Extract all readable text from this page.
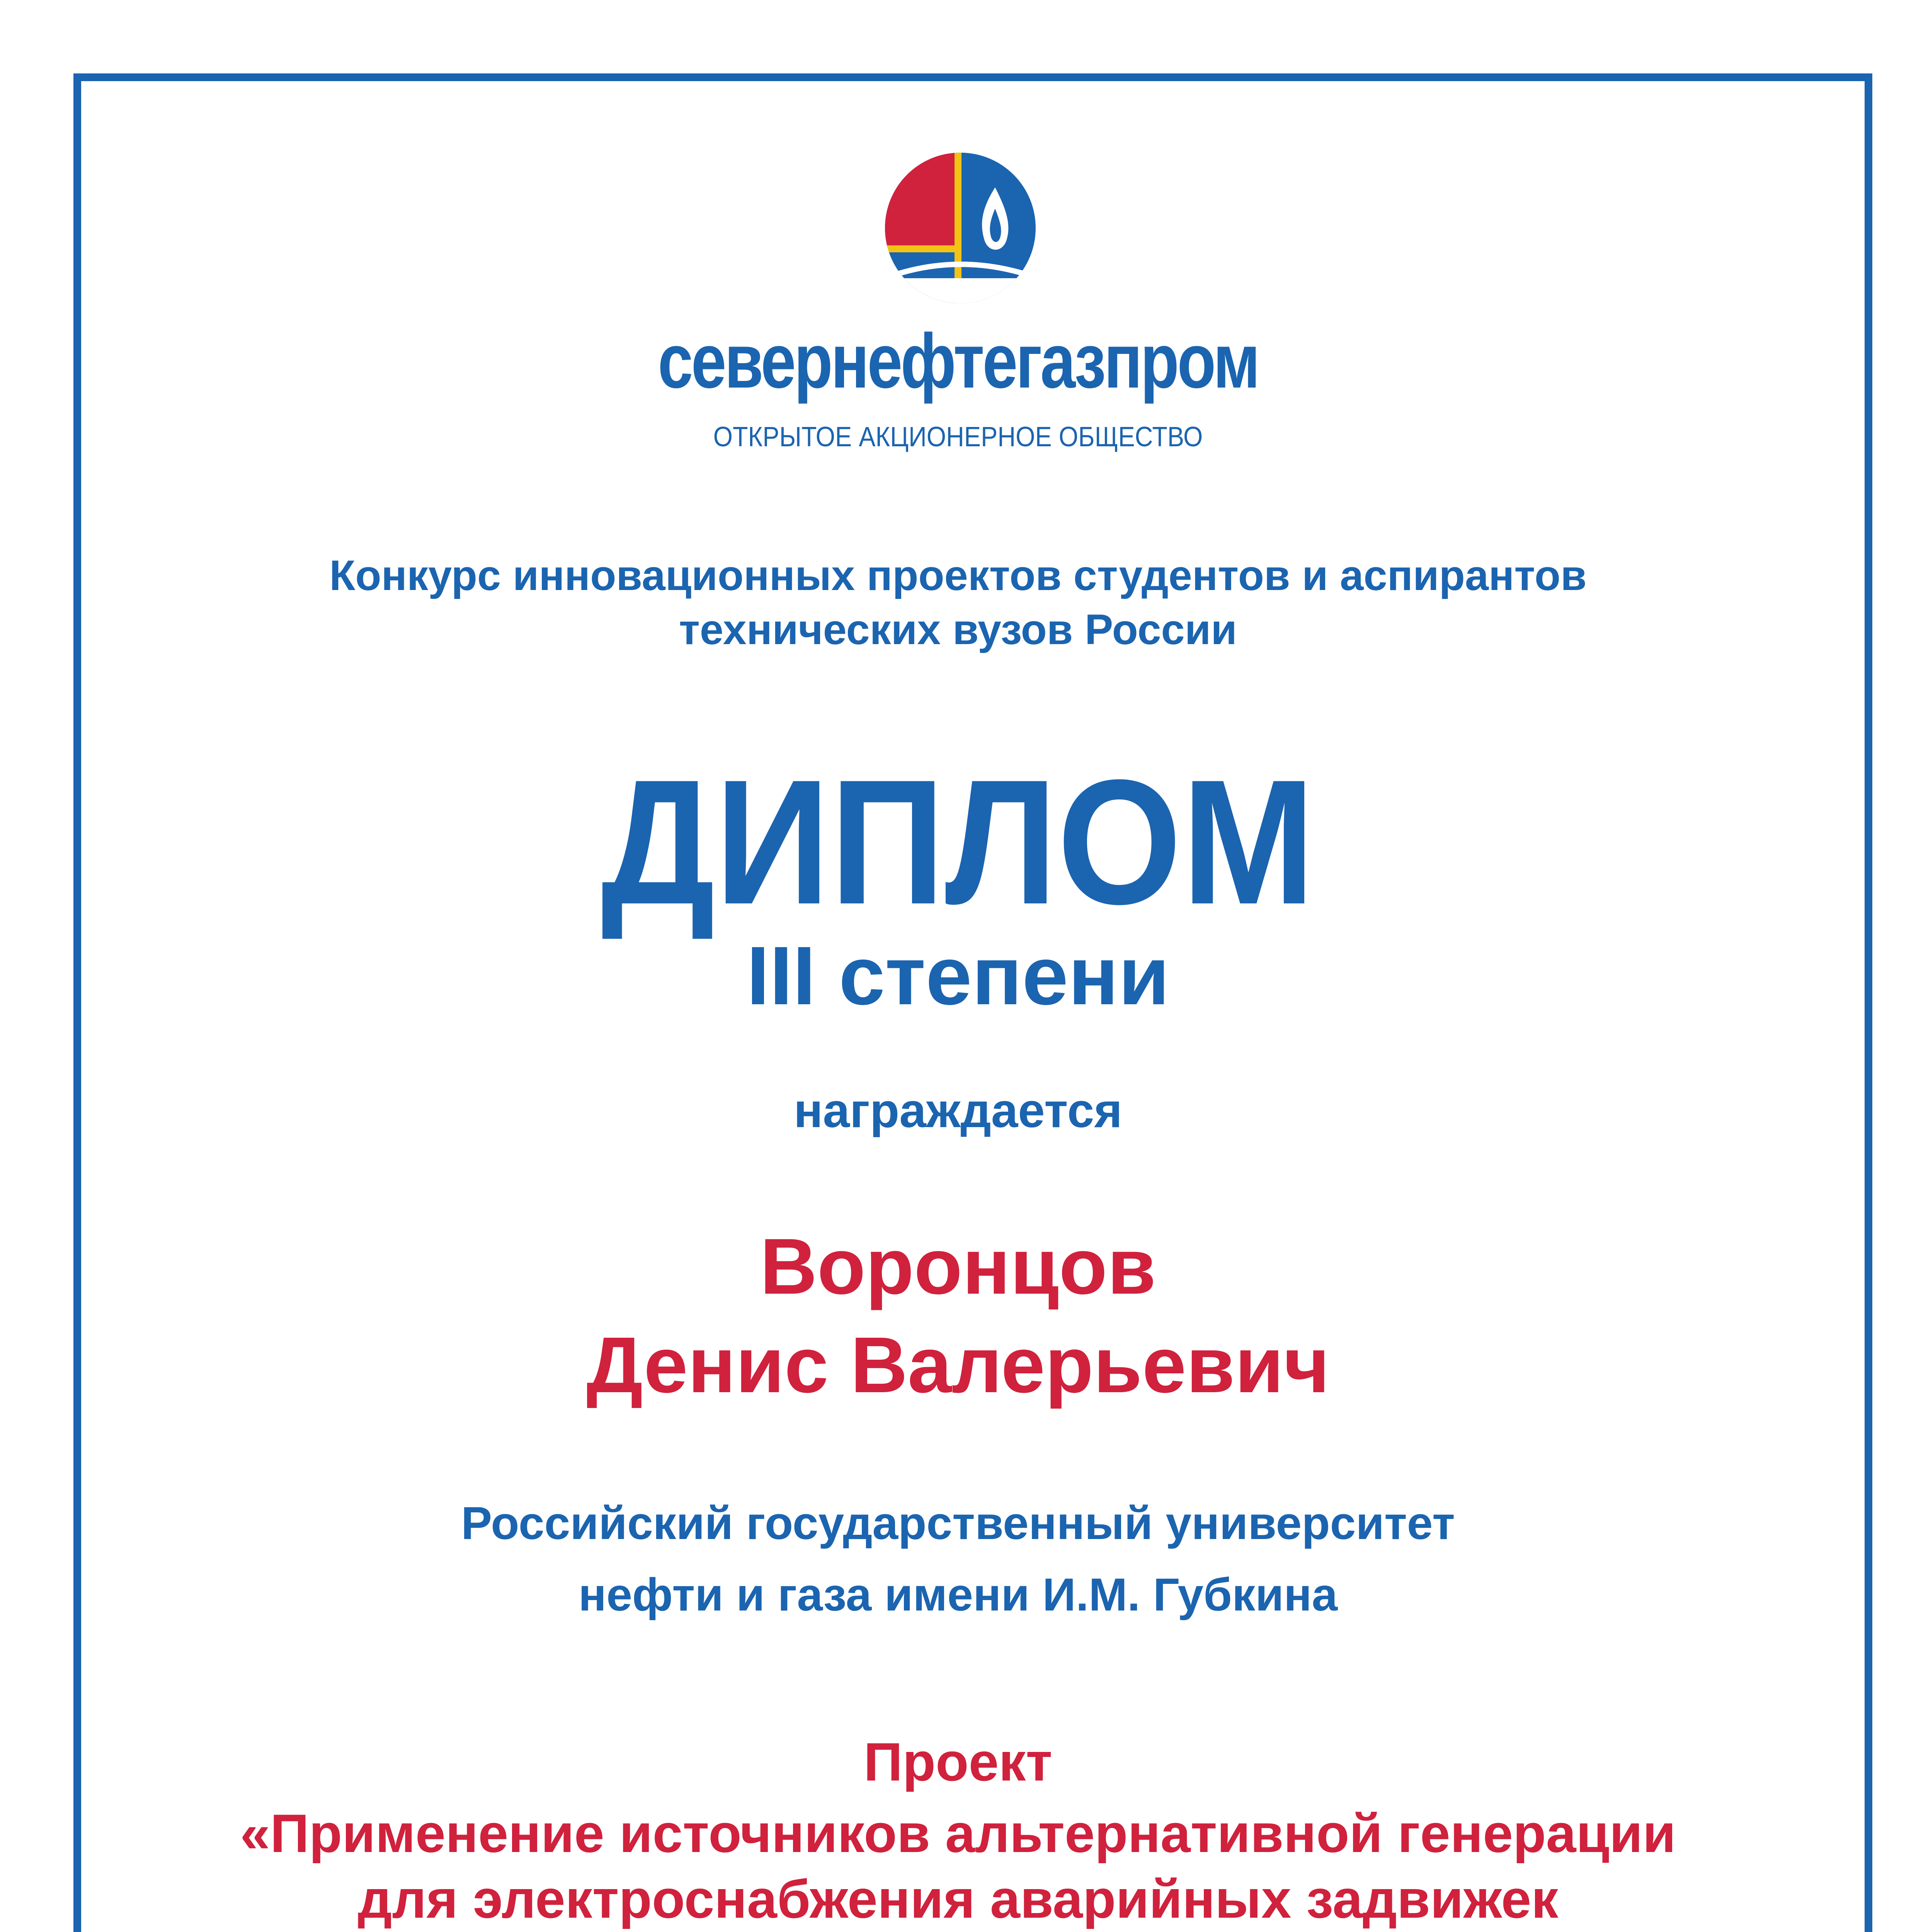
севернефтегазпром
ОТКРЫТОЕ АКЦИОНЕРНОЕ ОБЩЕСТВО
Конкурс инновационных проектов студентов и аспирантов
технических вузов России
ДИПЛОМ
III степени
награждается
Воронцов
Денис Валерьевич
Российский государственный университет
нефти и газа имени И.М. Губкина
Проект
«Применение источников альтернативной генерации
для электроснабжения аварийных задвижек
